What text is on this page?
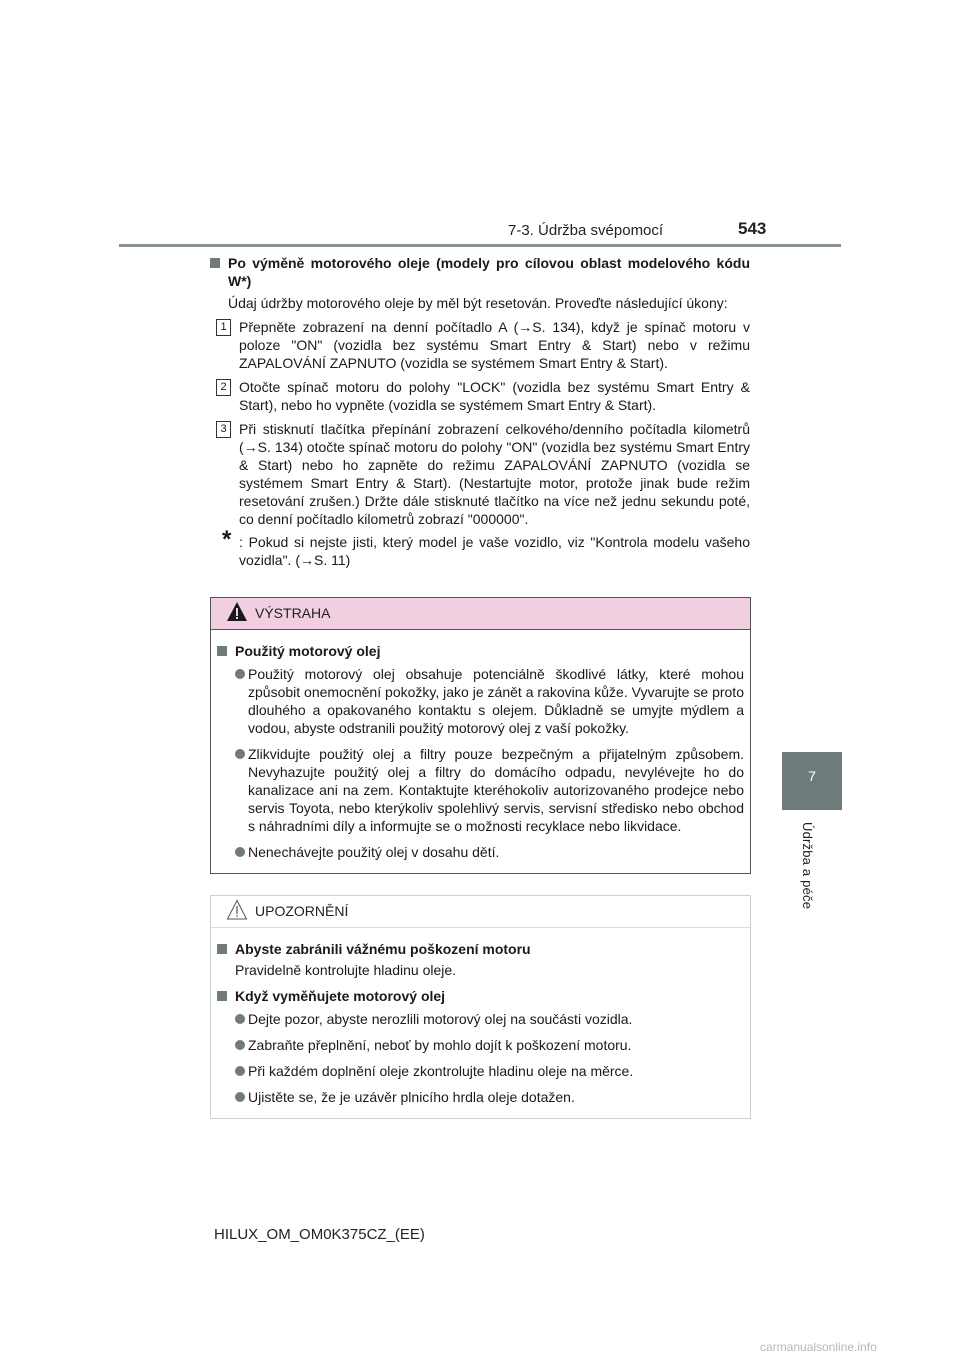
7-3. Údržba svépomocí	543
7
Údržba a péče
Po výměně motorového oleje (modely pro cílovou oblast modelového kódu W*)
Údaj údržby motorového oleje by měl být resetován. Proveďte následující úkony:
1 Přepněte zobrazení na denní počítadlo A (→S. 134), když je spínač motoru v poloze "ON" (vozidla bez systému Smart Entry & Start) nebo v režimu ZAPALOVÁNÍ ZAPNUTO (vozidla se systémem Smart Entry & Start).
2 Otočte spínač motoru do polohy "LOCK" (vozidla bez systému Smart Entry & Start), nebo ho vypněte (vozidla se systémem Smart Entry & Start).
3 Při stisknutí tlačítka přepínání zobrazení celkového/denního počítadla kilometrů (→S. 134) otočte spínač motoru do polohy "ON" (vozidla bez systému Smart Entry & Start) nebo ho zapněte do režimu ZAPALOVÁNÍ ZAPNUTO (vozidla se systémem Smart Entry & Start). (Nestartujte motor, protože jinak bude režim resetování zrušen.) Držte dále stisknuté tlačítko na více než jednu sekundu poté, co denní počítadlo kilometrů zobrazí "000000".
* : Pokud si nejste jisti, který model je vaše vozidlo, viz "Kontrola modelu vašeho vozidla". (→S. 11)
VÝSTRAHA
Použitý motorový olej
Použitý motorový olej obsahuje potenciálně škodlivé látky, které mohou způsobit onemocnění pokožky, jako je zánět a rakovina kůže. Vyvarujte se proto dlouhého a opakovaného kontaktu s olejem. Důkladně se umyjte mýdlem a vodou, abyste odstranili použitý motorový olej z vaší pokožky.
Zlikvidujte použitý olej a filtry pouze bezpečným a přijatelným způsobem. Nevyhazujte použitý olej a filtry do domácího odpadu, nevylévejte ho do kanalizace ani na zem. Kontaktujte kteréhokoliv autorizovaného prodejce nebo servis Toyota, nebo kterýkoliv spolehlivý servis, servisní středisko nebo obchod s náhradními díly a informujte se o možnosti recyklace nebo likvidace.
Nenechávejte použitý olej v dosahu dětí.
UPOZORNĚNÍ
Abyste zabránili vážnému poškození motoru
Pravidelně kontrolujte hladinu oleje.
Když vyměňujete motorový olej
Dejte pozor, abyste nerozlili motorový olej na součásti vozidla.
Zabraňte přeplnění, neboť by mohlo dojít k poškození motoru.
Při každém doplnění oleje zkontrolujte hladinu oleje na měrce.
Ujistěte se, že je uzávěr plnicího hrdla oleje dotažen.
HILUX_OM_OM0K375CZ_(EE)
carmanualsonline.info
